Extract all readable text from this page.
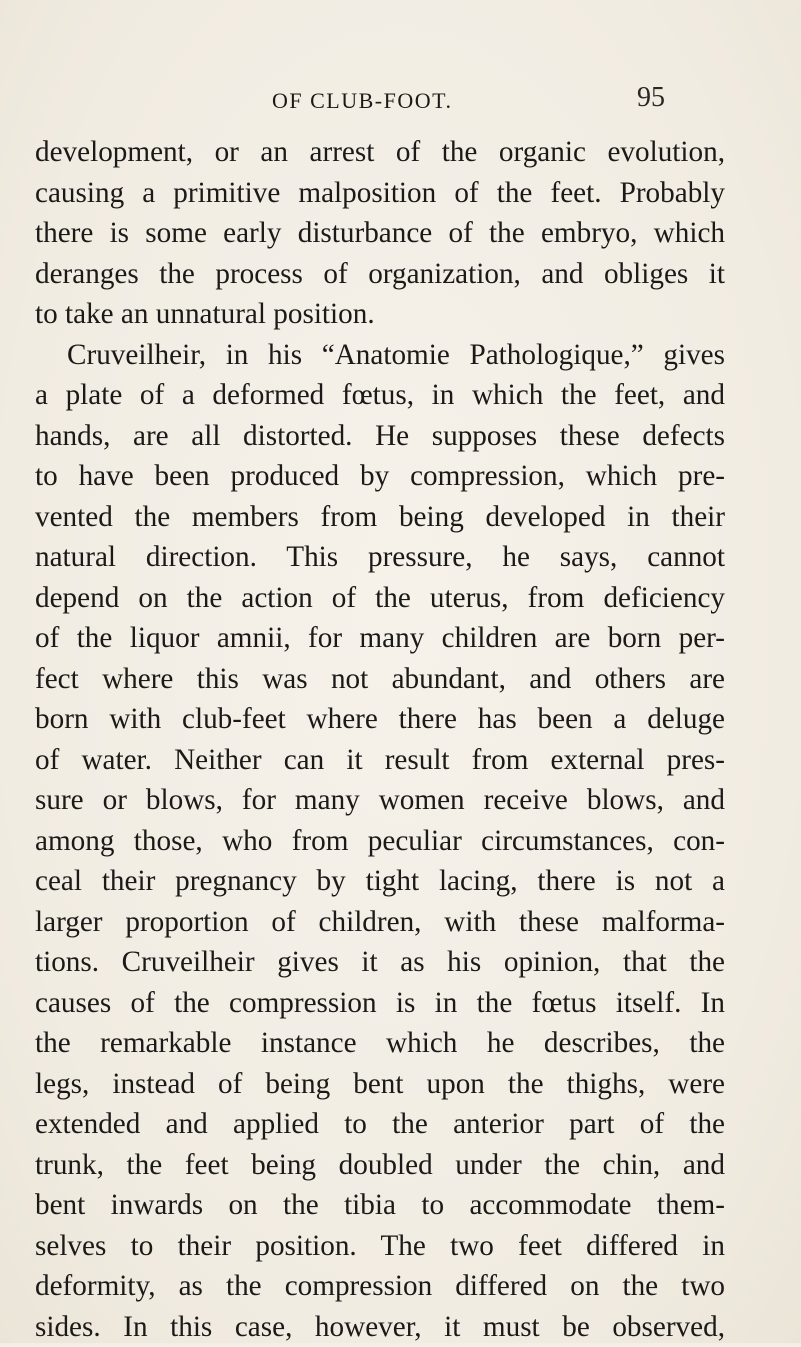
OF CLUB-FOOT.	95
development, or an arrest of the organic evolution,
causing a primitive malposition of the feet. Probably
there is some early disturbance of the embryo, which
deranges the process of organization, and obliges it
to take an unnatural position.
Cruveilheir, in his “Anatomie Pathologique,” gives
a plate of a deformed fœtus, in which the feet, and
hands, are all distorted. He supposes these defects
to have been produced by compression, which pre-
vented the members from being developed in their
natural direction. This pressure, he says, cannot
depend on the action of the uterus, from deficiency
of the liquor amnii, for many children are born per-
fect where this was not abundant, and others are
born with club-feet where there has been a deluge
of water. Neither can it result from external pres-
sure or blows, for many women receive blows, and
among those, who from peculiar circumstances, con-
ceal their pregnancy by tight lacing, there is not a
larger proportion of children, with these malforma-
tions. Cruveilheir gives it as his opinion, that the
causes of the compression is in the fœtus itself. In
the remarkable instance which he describes, the
legs, instead of being bent upon the thighs, were
extended and applied to the anterior part of the
trunk, the feet being doubled under the chin, and
bent inwards on the tibia to accommodate them-
selves to their position. The two feet differed in
deformity, as the compression differed on the two
sides. In this case, however, it must be observed,
